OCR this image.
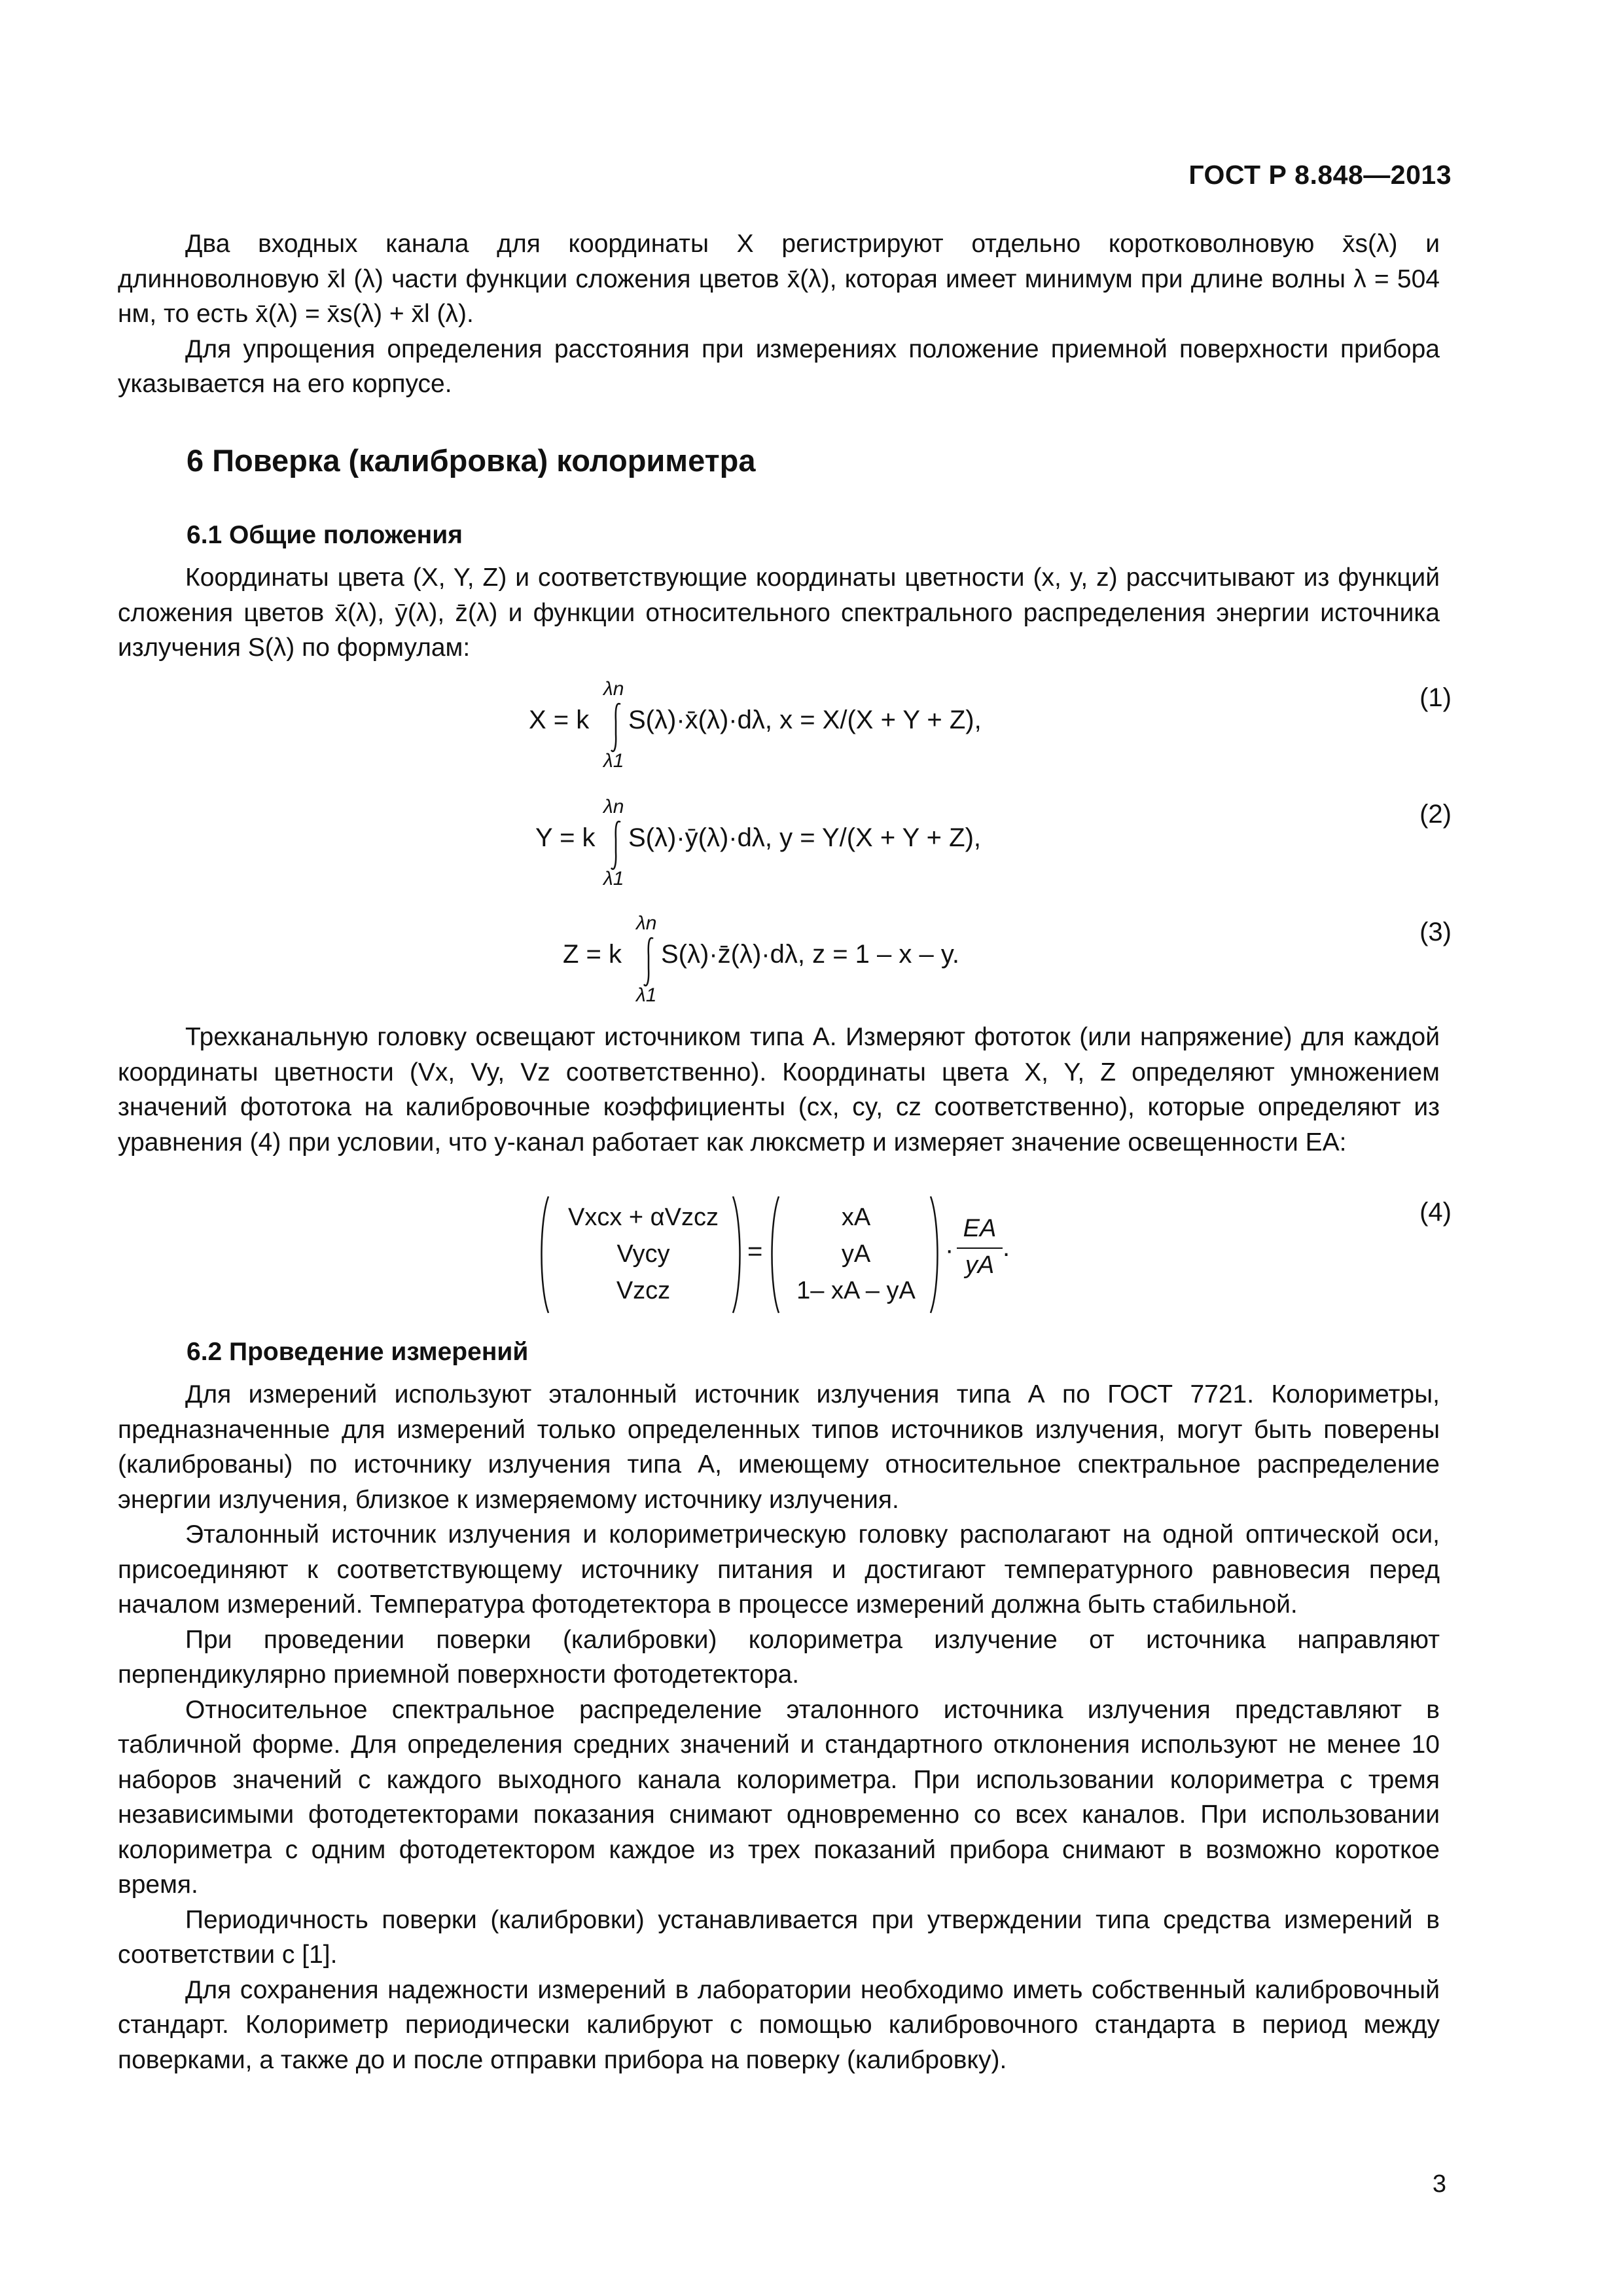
ГОСТ Р 8.848—2013

Два входных канала для координаты X регистрируют отдельно коротковолновую x̄s(λ) и длинноволновую x̄l (λ) части функции сложения цветов x̄(λ), которая имеет минимум при длине волны λ = 504 нм, то есть x̄(λ) = x̄s(λ) + x̄l (λ).

Для упрощения определения расстояния при измерениях положение приемной поверхности прибора указывается на его корпусе.

6 Поверка (калибровка) колориметра
6.1 Общие положения

Координаты цвета (X, Y, Z) и соответствующие координаты цветности (x, y, z) рассчитывают из функций сложения цветов x̄(λ), ȳ(λ), z̄(λ) и функции относительного спектрального распределения энергии источника излучения S(λ) по формулам:

X = k
λn
λ1
S(λ)·x̄(λ)·dλ, x = X/(X + Y + Z),
(1)
Y = k
λn
λ1
S(λ)·ȳ(λ)·dλ, y = Y/(X + Y + Z),
(2)
Z = k
λn
λ1
S(λ)·z̄(λ)·dλ, z = 1 – x – y.
(3)

Трехканальную головку освещают источником типа А. Измеряют фототок (или напряжение) для каждой координаты цветности (Vx, Vy, Vz соответственно). Координаты цвета X, Y, Z определяют умножением значений фототока на калибровочные коэффициенты (cx, cy, cz соответственно), которые определяют из уравнения (4) при условии, что y-канал работает как люксметр и измеряет значение освещенности EA:

Vxcx + αVzcz
Vycy
Vzcz
=
xA
yA
1– xA – yA
·
EA
yA
.
(4)
6.2 Проведение измерений

Для измерений используют эталонный источник излучения типа А по ГОСТ 7721. Колориметры, предназначенные для измерений только определенных типов источников излучения, могут быть поверены (калиброваны) по источнику излучения типа А, имеющему относительное спектральное распределение энергии излучения, близкое к измеряемому источнику излучения.

Эталонный источник излучения и колориметрическую головку располагают на одной оптической оси, присоединяют к соответствующему источнику питания и достигают температурного равновесия перед началом измерений. Температура фотодетектора в процессе измерений должна быть стабильной.

При проведении поверки (калибровки) колориметра излучение от источника направляют перпендикулярно приемной поверхности фотодетектора.

Относительное спектральное распределение эталонного источника излучения представляют в табличной форме. Для определения средних значений и стандартного отклонения используют не менее 10 наборов значений с каждого выходного канала колориметра. При использовании колориметра с тремя независимыми фотодетекторами показания снимают одновременно со всех каналов. При использовании колориметра с одним фотодетектором каждое из трех показаний прибора снимают в возможно короткое время.

Периодичность поверки (калибровки) устанавливается при утверждении типа средства измерений в соответствии с [1].

Для сохранения надежности измерений в лаборатории необходимо иметь собственный калибровочный стандарт. Колориметр периодически калибруют с помощью калибровочного стандарта в период между поверками, а также до и после отправки прибора на поверку (калибровку).

3
